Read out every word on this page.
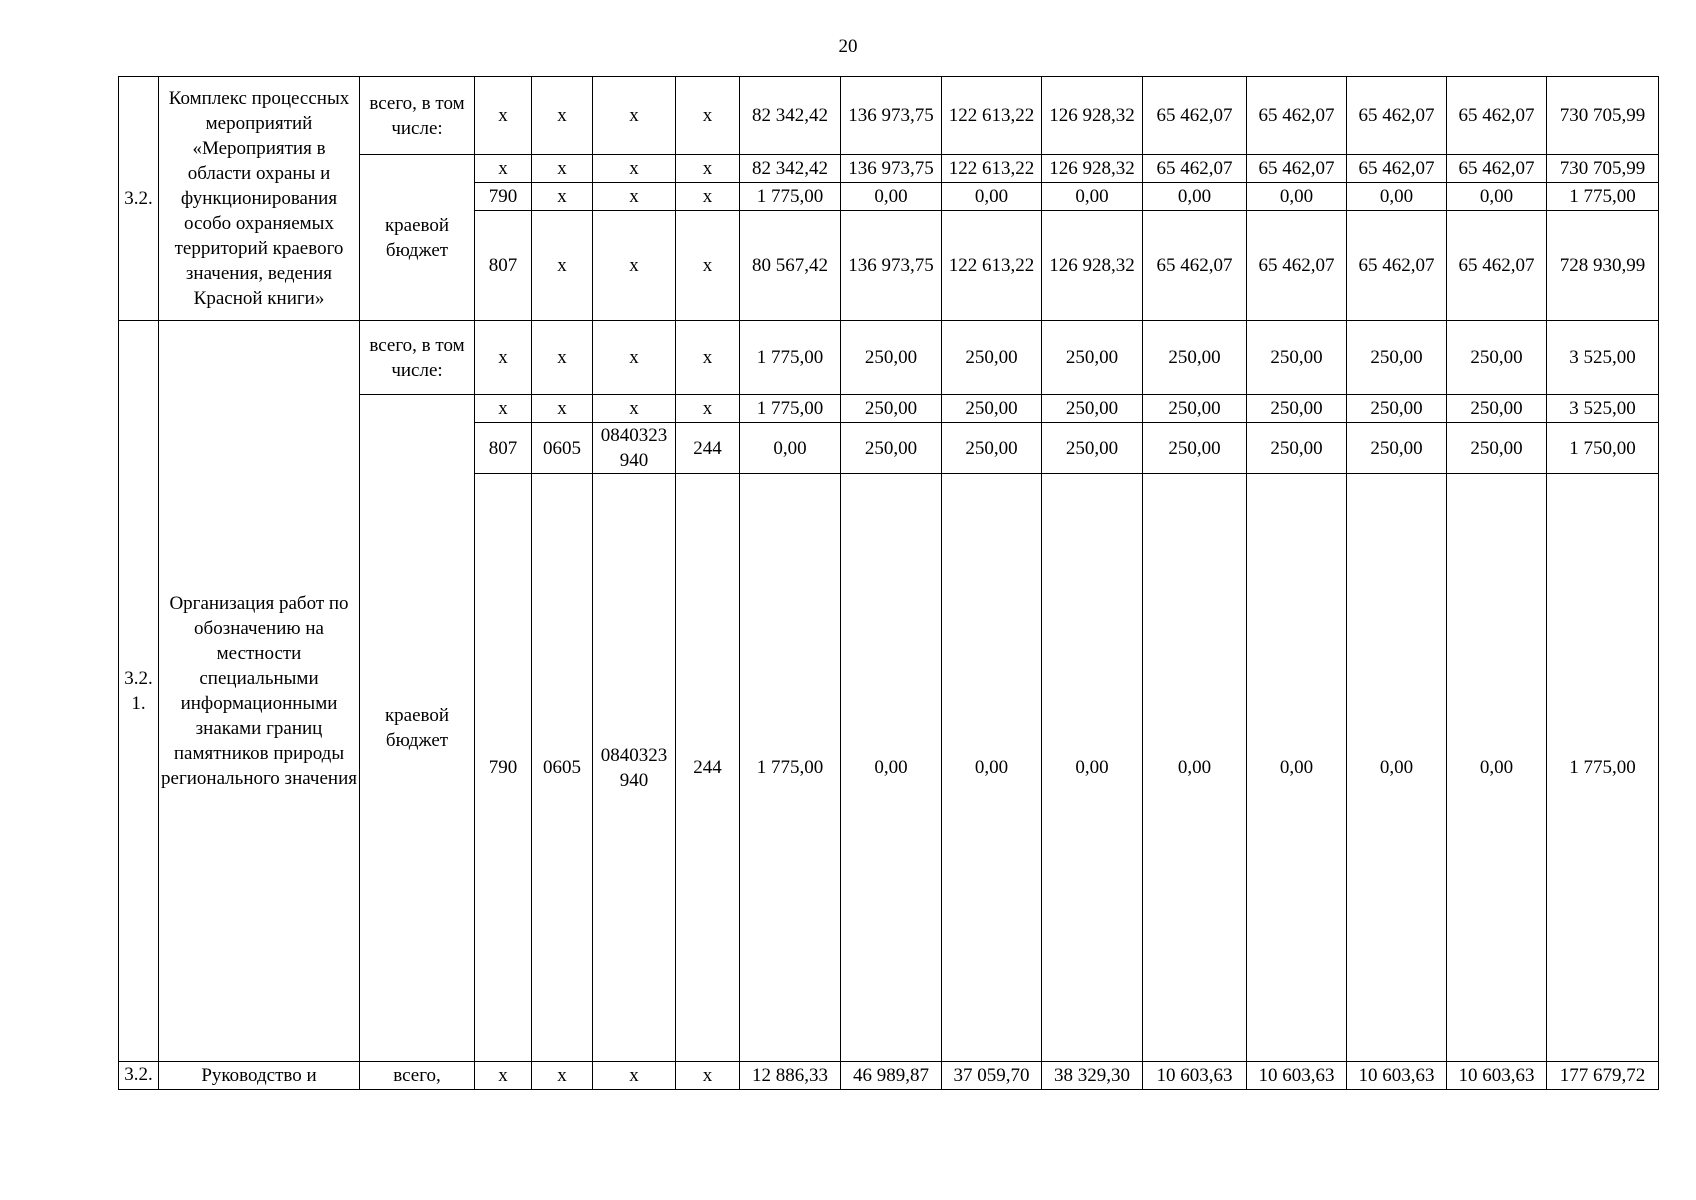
20
3.2.	Комплекс процессных мероприятий «Мероприятия в области охраны и функционирования особо охраняемых территорий краевого значения, ведения Красной книги»	всего, в том числе:	х	х	х	х	82 342,42	136 973,75	122 613,22	126 928,32	65 462,07	65 462,07	65 462,07	65 462,07	730 705,99
		краевой бюджет	х	х	х	х	82 342,42	136 973,75	122 613,22	126 928,32	65 462,07	65 462,07	65 462,07	65 462,07	730 705,99
			790	х	х	х	1 775,00	0,00	0,00	0,00	0,00	0,00	0,00	0,00	1 775,00
			807	х	х	х	80 567,42	136 973,75	122 613,22	126 928,32	65 462,07	65 462,07	65 462,07	65 462,07	728 930,99
3.2. 1.	Организация работ по обозначению на местности специальными информационными знаками границ памятников природы регионального значения	всего, в том числе:	х	х	х	х	1 775,00	250,00	250,00	250,00	250,00	250,00	250,00	250,00	3 525,00
		краевой бюджет	х	х	х	х	1 775,00	250,00	250,00	250,00	250,00	250,00	250,00	250,00	3 525,00
			807	0605	0840323 940	244	0,00	250,00	250,00	250,00	250,00	250,00	250,00	250,00	1 750,00
			790	0605	0840323 940	244	1 775,00	0,00	0,00	0,00	0,00	0,00	0,00	0,00	1 775,00
3.2.	Руководство и	всего,	х	х	х	х	12 886,33	46 989,87	37 059,70	38 329,30	10 603,63	10 603,63	10 603,63	10 603,63	177 679,72
